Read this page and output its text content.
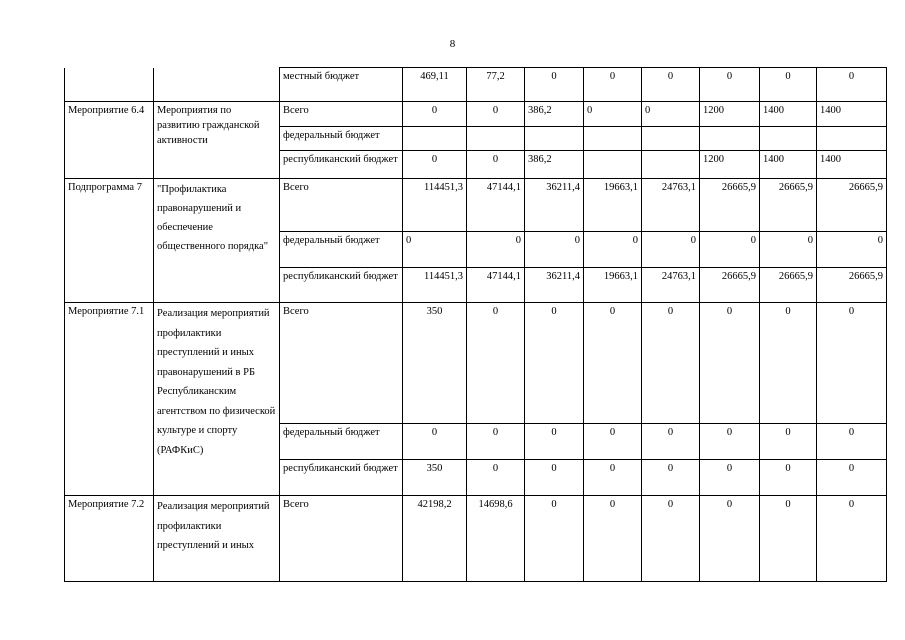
8
		местный бюджет	469,11	77,2	0	0	0	0	0	0
Мероприятие 6.4	Мероприятия по развитию гражданской активности	Всего	0	0	386,2	0	0	1200	1400	1400
		федеральный бюджет								
		республиканский бюджет	0	0	386,2			1200	1400	1400
Подпрограмма 7	"Профилактика правонарушений и обеспечение общественного порядка"	Всего	114451,3	47144,1	36211,4	19663,1	24763,1	26665,9	26665,9	26665,9
		федеральный бюджет	0	0	0	0	0	0	0	0
		республиканский бюджет	114451,3	47144,1	36211,4	19663,1	24763,1	26665,9	26665,9	26665,9
Мероприятие 7.1	Реализация мероприятий профилактики преступлений и иных правонарушений в РБ Республиканским агентством по физической культуре и спорту (РАФКиС)	Всего	350	0	0	0	0	0	0	0
		федеральный бюджет	0	0	0	0	0	0	0	0
		республиканский бюджет	350	0	0	0	0	0	0	0
Мероприятие 7.2	Реализация мероприятий профилактики преступлений и иных	Всего	42198,2	14698,6	0	0	0	0	0	0
